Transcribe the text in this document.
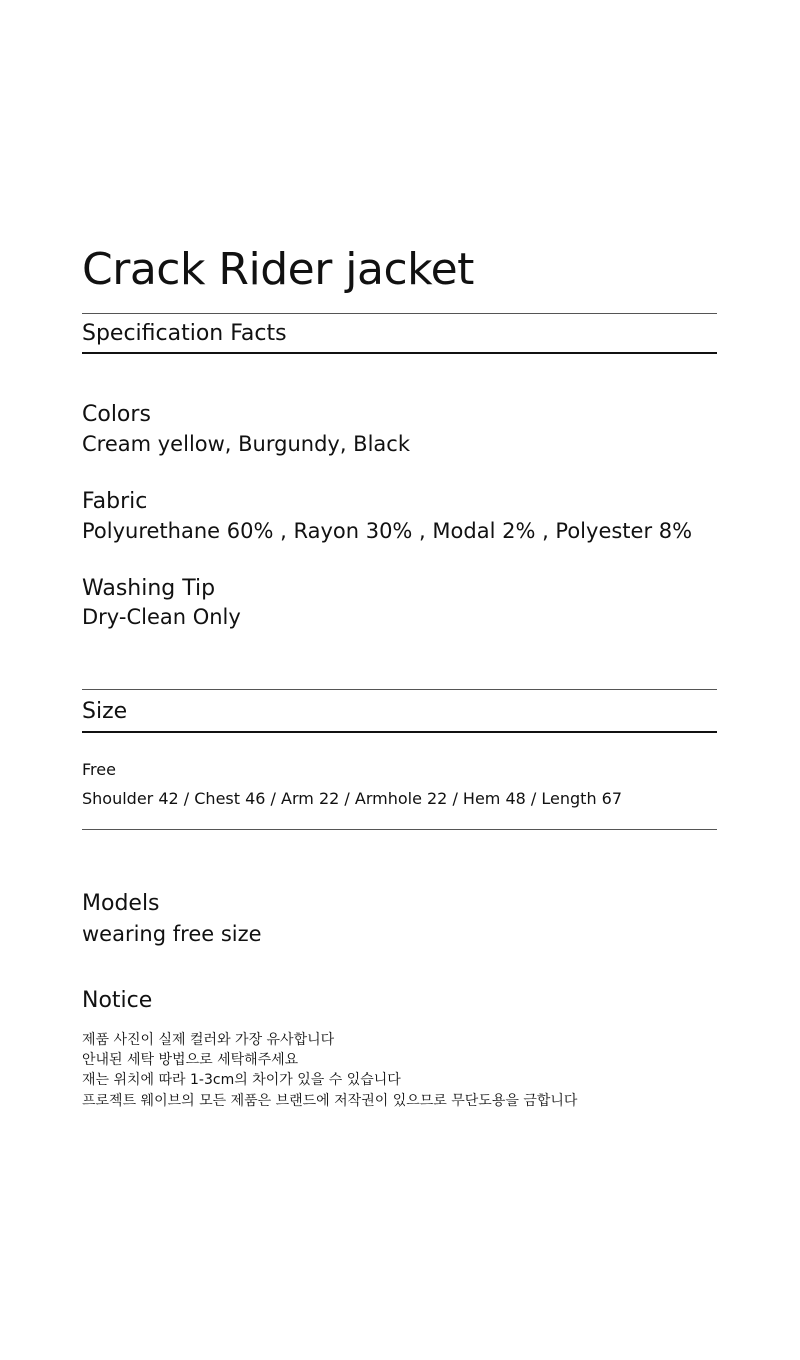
Crack Rider jacket
Specification Facts
Colors
Cream yellow, Burgundy, Black
Fabric
Polyurethane 60% , Rayon 30% , Modal 2% , Polyester 8%
Washing Tip
Dry-Clean Only
Size
Free
Shoulder 42 / Chest 46 / Arm 22 / Armhole 22 / Hem 48 / Length 67
Models
wearing free size
Notice
제품 사진이 실제 컬러와 가장 유사합니다
안내된 세탁 방법으로 세탁해주세요
재는 위치에 따라 1-3cm의 차이가 있을 수 있습니다
프로젝트 웨이브의 모든 제품은 브랜드에 저작권이 있으므로 무단도용을 금합니다
